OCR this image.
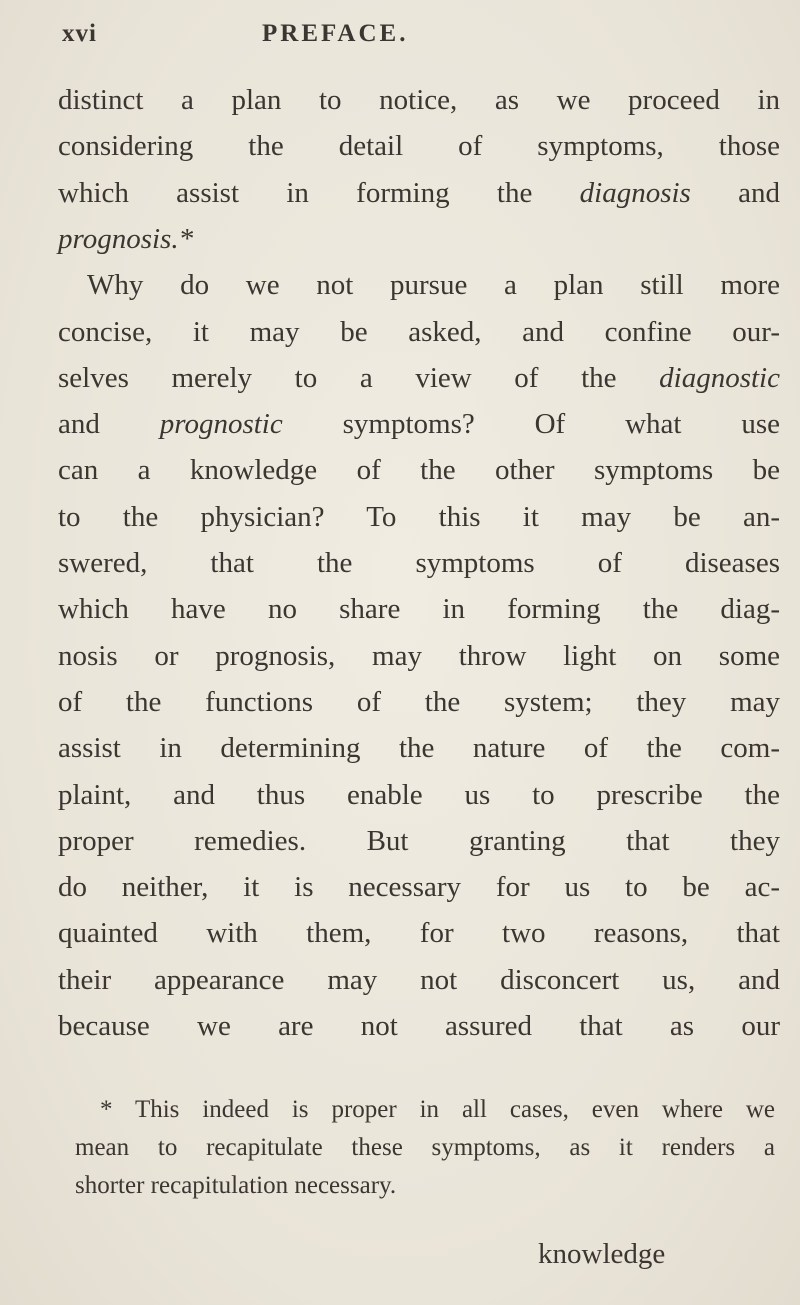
xvi	PREFACE.
distinct a plan to notice, as we proceed in
considering the detail of symptoms, those
which assist in forming the diagnosis and
prognosis.*
 Why do we not pursue a plan still more
concise, it may be asked, and confine our-
selves merely to a view of the diagnostic
and prognostic symptoms? Of what use
can a knowledge of the other symptoms be
to the physician? To this it may be an-
swered, that the symptoms of diseases
which have no share in forming the diag-
nosis or prognosis, may throw light on some
of the functions of the system; they may
assist in determining the nature of the com-
plaint, and thus enable us to prescribe the
proper remedies. But granting that they
do neither, it is necessary for us to be ac-
quainted with them, for two reasons, that
their appearance may not disconcert us, and
because we are not assured that as our
 * This indeed is proper in all cases, even where we
mean to recapitulate these symptoms, as it renders a
shorter recapitulation necessary.
knowledge
